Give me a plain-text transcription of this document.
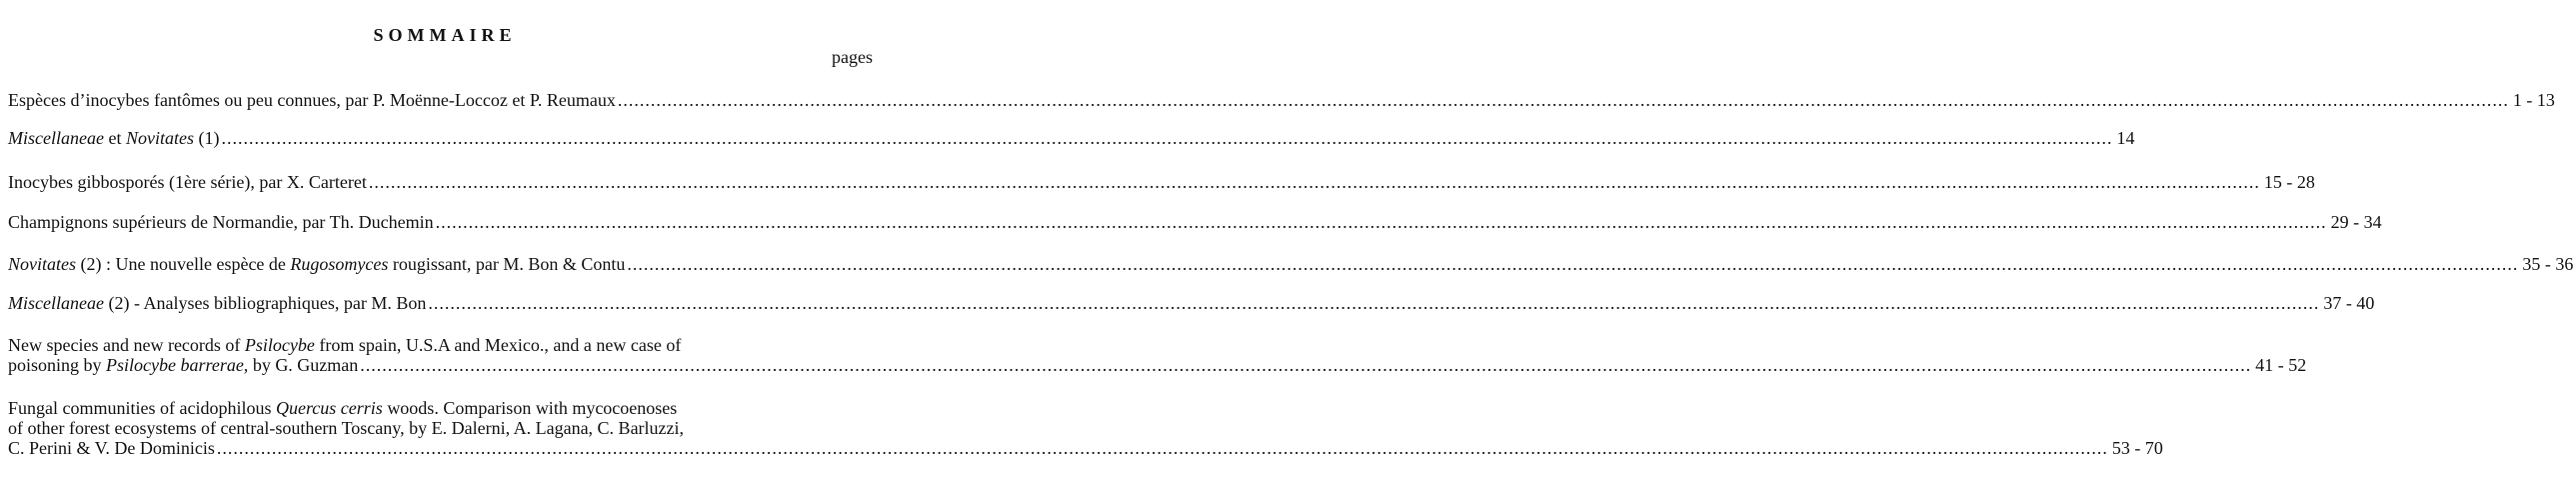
SOMMAIRE
pages
Espèces d’inocybes fantômes ou peu connues, par P. Moënne-Loccoz et P. Reumaux ........................................................................................................................................................................................................................................................................................................................................................ 1 - 13
Miscellaneae et Novitates (1) ........................................................................................................................................................................................................................................................................................................................................................ 14
Inocybes gibbosporés (1ère série), par X. Carteret ........................................................................................................................................................................................................................................................................................................................................................ 15 - 28
Champignons supérieurs de Normandie, par Th. Duchemin ........................................................................................................................................................................................................................................................................................................................................................ 29 - 34
Novitates (2) : Une nouvelle espèce de Rugosomyces rougissant, par M. Bon & Contu ........................................................................................................................................................................................................................................................................................................................................................ 35 - 36
Miscellaneae (2) - Analyses bibliographiques, par M. Bon ........................................................................................................................................................................................................................................................................................................................................................ 37 - 40
New species and new records of Psilocybe from spain, U.S.A and Mexico., and a new case of
poisoning by Psilocybe barrerae, by G. Guzman ........................................................................................................................................................................................................................................................................................................................................................ 41 - 52
Fungal communities of acidophilous Quercus cerris woods. Comparison with mycocoenoses
of other forest ecosystems of central-southern Toscany, by E. Dalerni, A. Lagana, C. Barluzzi,
C. Perini & V. De Dominicis ........................................................................................................................................................................................................................................................................................................................................................ 53 - 70
